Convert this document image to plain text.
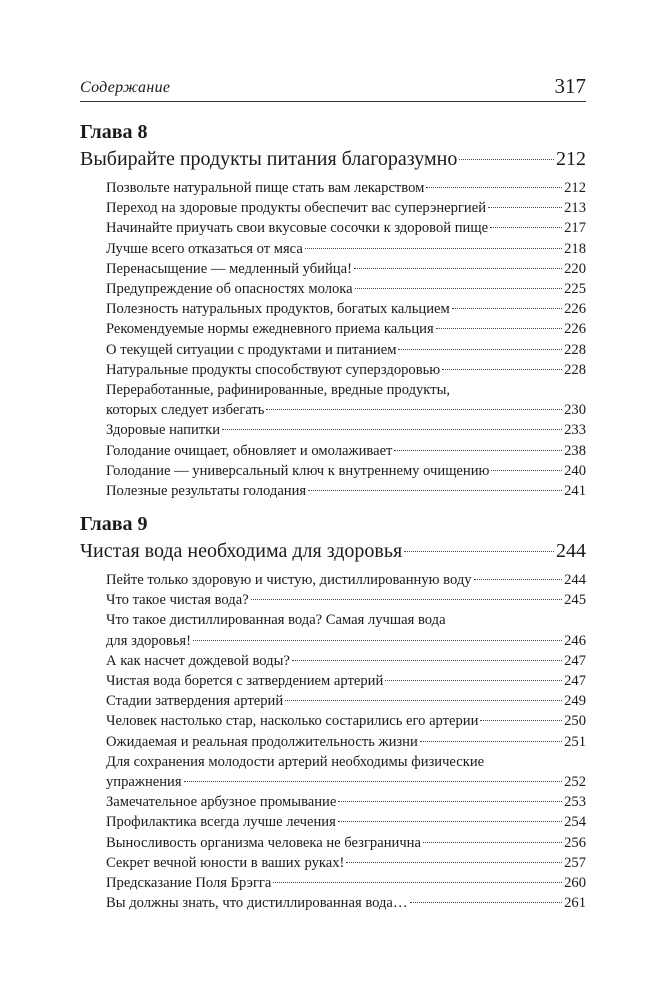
Содержание	317
Глава 8
Выбирайте продукты питания благоразумно	212
Позвольте натуральной пище стать вам лекарством	212
Переход на здоровые продукты обеспечит вас суперэнергией	213
Начинайте приучать свои вкусовые сосочки к здоровой пище	217
Лучше всего отказаться от мяса	218
Перенасыщение — медленный убийца!	220
Предупреждение об опасностях молока	225
Полезность натуральных продуктов, богатых кальцием	226
Рекомендуемые нормы ежедневного приема кальция	226
О текущей ситуации с продуктами и питанием	228
Натуральные продукты способствуют суперздоровью	228
Переработанные, рафинированные, вредные продукты,
которых следует избегать	230
Здоровые напитки	233
Голодание очищает, обновляет и омолаживает	238
Голодание — универсальный ключ к внутреннему очищению	240
Полезные результаты голодания	241
Глава 9
Чистая вода необходима для здоровья	244
Пейте только здоровую и чистую, дистиллированную воду	244
Что такое чистая вода?	245
Что такое дистиллированная вода? Самая лучшая вода
для здоровья!	246
А как насчет дождевой воды?	247
Чистая вода борется с затвердением артерий	247
Стадии затвердения артерий	249
Человек настолько стар, насколько состарились его артерии	250
Ожидаемая и реальная продолжительность жизни	251
Для сохранения молодости артерий необходимы физические
упражнения	252
Замечательное арбузное промывание	253
Профилактика всегда лучше лечения	254
Выносливость организма человека не безгранична	256
Секрет вечной юности в ваших руках!	257
Предсказание Поля Брэгга	260
Вы должны знать, что дистиллированная вода…	261
